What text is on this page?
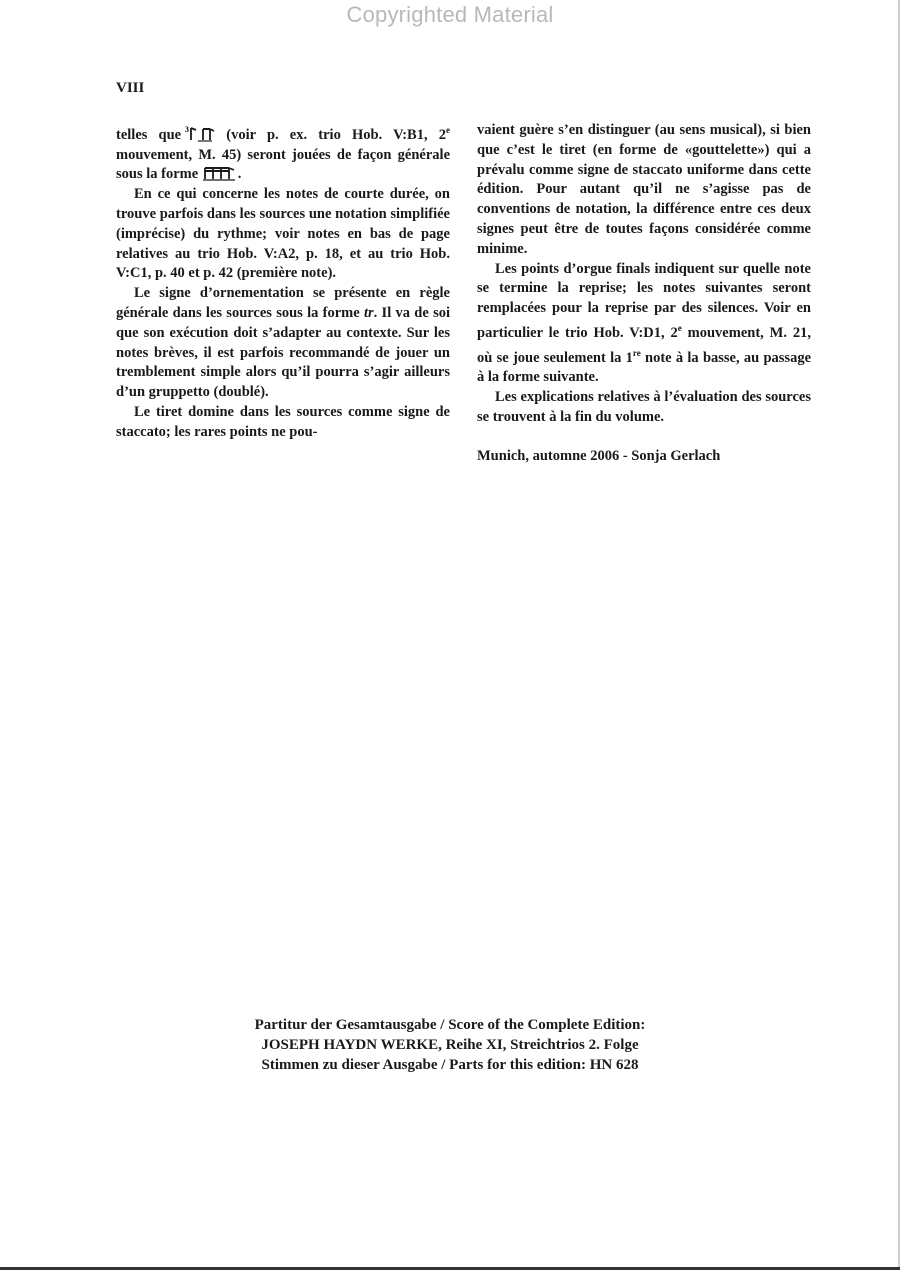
Copyrighted Material
VIII

telles que 3 (voir p. ex. trio Hob. V:B1, 2e mouvement, M. 45) seront jouées de façon générale sous la forme	.

En ce qui concerne les notes de courte durée, on trouve parfois dans les sources une notation simplifiée (imprécise) du rythme; voir notes en bas de page relatives au trio Hob. V:A2, p. 18, et au trio Hob. V:C1, p. 40 et p. 42 (première note).

Le signe d’ornementation se présente en règle générale dans les sources sous la forme tr. Il va de soi que son exécution doit s’adapter au contexte. Sur les notes brèves, il est parfois recommandé de jouer un tremblement simple alors qu’il pourra s’agir ailleurs d’un gruppetto (doublé).

Le tiret domine dans les sources comme signe de staccato; les rares points ne pou-

vaient guère s’en distinguer (au sens musical), si bien que c’est le tiret (en forme de «gouttelette») qui a prévalu comme signe de staccato uniforme dans cette édition. Pour autant qu’il ne s’agisse pas de conventions de notation, la différence entre ces deux signes peut être de toutes façons considérée comme minime.

Les points d’orgue finals indiquent sur quelle note se termine la reprise; les notes suivantes seront remplacées pour la reprise par des silences. Voir en particulier le trio Hob. V:D1, 2e mouvement, M. 21, où se joue seulement la 1re note à la basse, au passage à la forme suivante.

Les explications relatives à l’évaluation des sources se trouvent à la fin du volume.

Munich, automne 2006 - Sonja Gerlach

Partitur der Gesamtausgabe / Score of the Complete Edition:
JOSEPH HAYDN WERKE, Reihe XI, Streichtrios 2. Folge
Stimmen zu dieser Ausgabe / Parts for this edition: HN 628
